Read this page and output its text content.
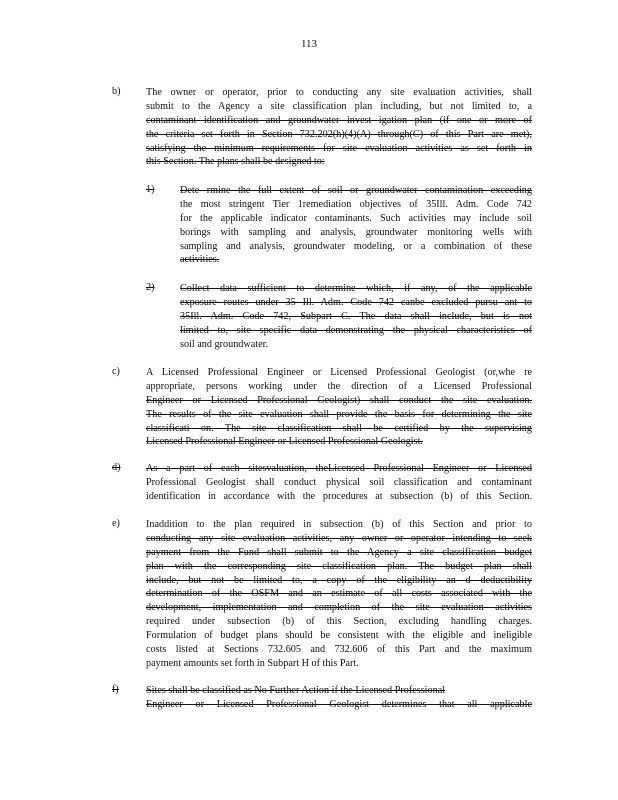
113
b)	The owner or operator, prior to conducting any site evaluation activities, shall
submit to the Agency a site classification plan including, but not limited to, a
contaminant identification and groundwater invest igation plan (if one or more of
the criteria set forth in Section 732.202(h)(4)(A) through(C) of this Part are met),
satisfying the minimum requirements for site evaluation activities as set forth in
this Section. The plans shall be designed to:
1)	Dete rmine the full extent of soil or groundwater contamination exceeding
the most stringent Tier 1remediation objectives of 35Ill. Adm. Code 742
for the applicable indicator contaminants. Such activities may include soil
borings with sampling and analysis, groundwater monitoring wells with
sampling and analysis, groundwater modeling, or a combination of these
activities.
2)	Collect data sufficient to determine which, if any, of the applicable
exposure routes under 35 Ill. Adm. Code 742 canbe excluded pursu ant to
35Ill. Adm. Code 742, Subpart C. The data shall include, but is not
limited to, site specific data demonstrating the physical characteristics of
soil and groundwater.
c)	A Licensed Professional Engineer or Licensed Professional Geologist (or,whe re
appropriate, persons working under the direction of a Licensed Professional
Engineer or Licensed Professional Geologist) shall conduct the site evaluation.
The results of the site evaluation shall provide the basis for determining the site
classificati on. The site classification shall be certified by the supervising
Licensed Professional Engineer or Licensed Professional Geologist.
d)	As a part of each sitesvaluation, theLicensed Professional Engineer or Licensed
Professional Geologist shall conduct physical soil classification and contaminant
identification in accordance with the procedures at subsection (b) of this Section.
e)	Inaddition to the plan required in subsection (b) of this Section and prior to
conducting any site evaluation activities, any owner or operator intending to seek
payment from the Fund shall submit to the Agency a site classification budget
plan with the corresponding site classification plan. The budget plan shall
include, but not be limited to, a copy of the eligibility an d deductibility
determination of the OSFM and an estimate of all costs associated with the
development, implementation and completion of the site evaluation activities
required under subsection (b) of this Section, excluding handling charges.
Formulation of budget plans should be consistent with the eligible and ineligible
costs listed at Sections 732.605 and 732.606 of this Part and the maximum
payment amounts set forth in Subpart H of this Part.
f)	Sites shall be classified as No Further Action if the Licensed Professional
Engineer or Licensed Professional Geologist determines that all applicable
